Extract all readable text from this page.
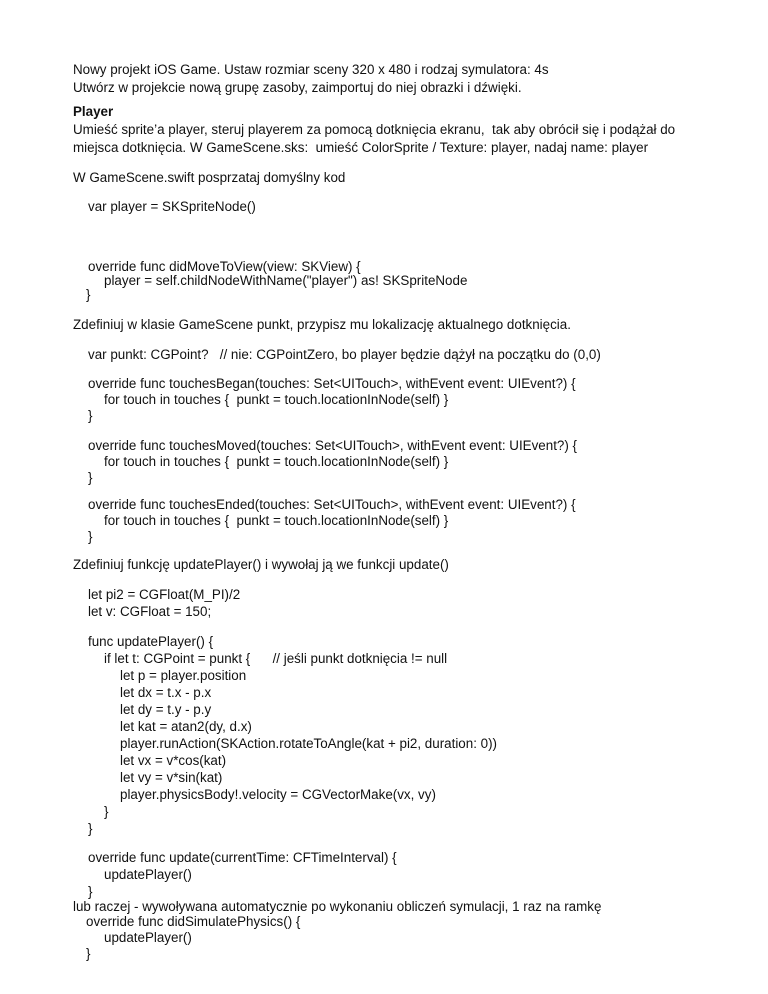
Nowy projekt iOS Game. Ustaw rozmiar sceny 320 x 480 i rodzaj symulatora: 4s

Utwórz w projekcie nową grupę zasoby, zaimportuj do niej obrazki i dźwięki.

Player

Umieść sprite’a player, steruj playerem za pomocą dotknięcia ekranu,  tak aby obrócił się i podążał do

miejsca dotknięcia. W GameScene.sks:  umieść ColorSprite / Texture: player, nadaj name: player

W GameScene.swift posprzataj domyślny kod

var player = SKSpriteNode()

override func didMoveToView(view: SKView) {

player = self.childNodeWithName("player") as! SKSpriteNode

}

Zdefiniuj w klasie GameScene punkt, przypisz mu lokalizację aktualnego dotknięcia.

var punkt: CGPoint?   // nie: CGPointZero, bo player będzie dążył na początku do (0,0)

override func touchesBegan(touches: Set<UITouch>, withEvent event: UIEvent?) {

for touch in touches {  punkt = touch.locationInNode(self) }

}

override func touchesMoved(touches: Set<UITouch>, withEvent event: UIEvent?) {

for touch in touches {  punkt = touch.locationInNode(self) }

}

override func touchesEnded(touches: Set<UITouch>, withEvent event: UIEvent?) {

for touch in touches {  punkt = touch.locationInNode(self) }

}

Zdefiniuj funkcję updatePlayer() i wywołaj ją we funkcji update()

let pi2 = CGFloat(M_PI)/2

let v: CGFloat = 150;

func updatePlayer() {

if let t: CGPoint = punkt {      // jeśli punkt dotknięcia != null

let p = player.position

let dx = t.x - p.x

let dy = t.y - p.y

let kat = atan2(dy, d.x)

player.runAction(SKAction.rotateToAngle(kat + pi2, duration: 0))

let vx = v*cos(kat)

let vy = v*sin(kat)

player.physicsBody!.velocity = CGVectorMake(vx, vy)

}

}

override func update(currentTime: CFTimeInterval) {

updatePlayer()

}

lub raczej - wywoływana automatycznie po wykonaniu obliczeń symulacji, 1 raz na ramkę

override func didSimulatePhysics() {

updatePlayer()

}
